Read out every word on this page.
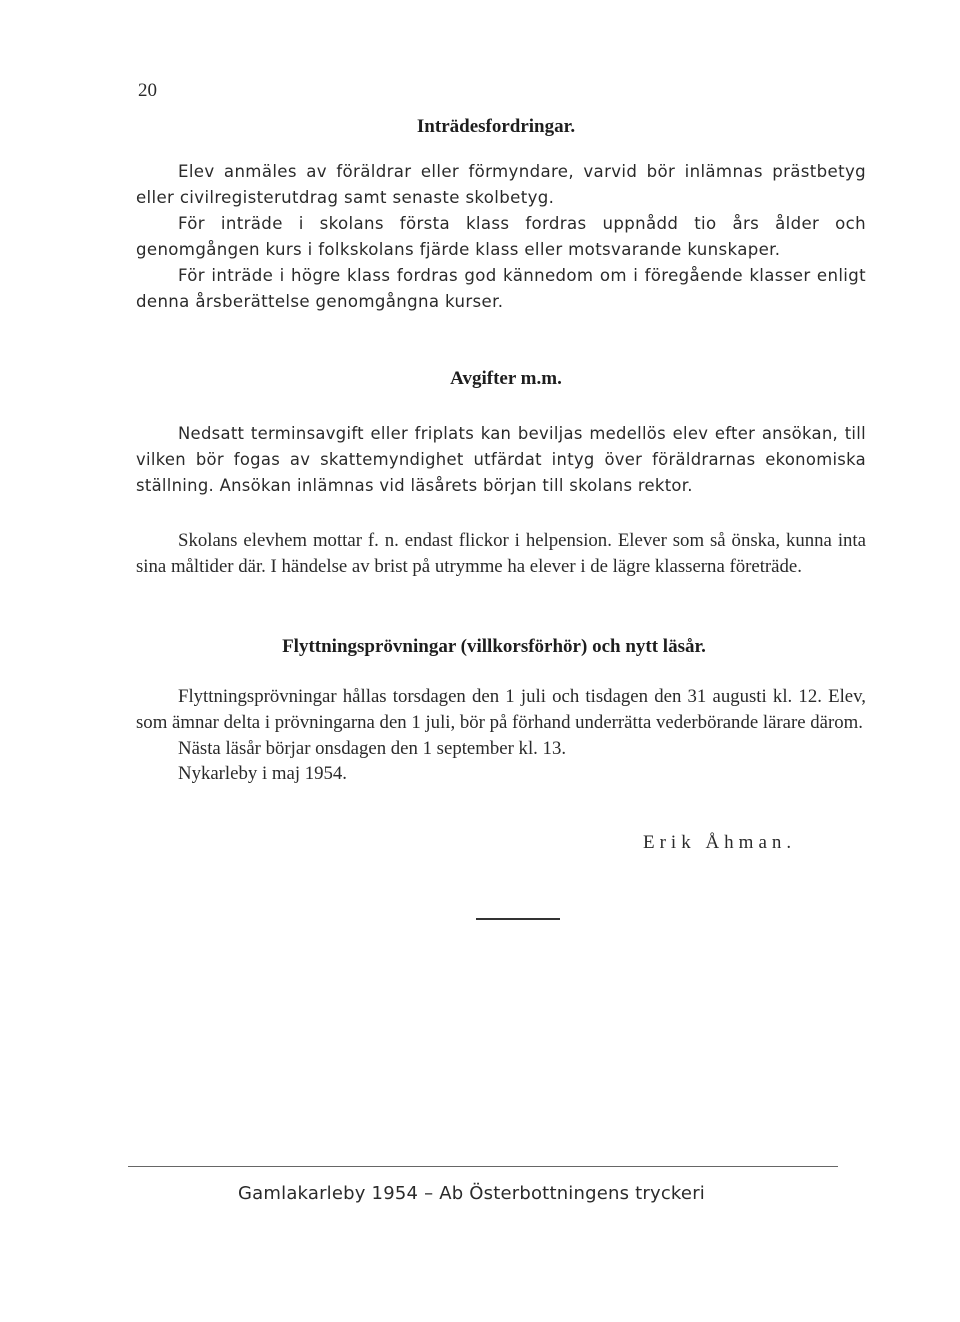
20
Inträdesfordringar.

Elev anmäles av föräldrar eller förmyndare, varvid bör inlämnas prästbetyg eller civilregisterutdrag samt senaste skolbetyg.

För inträde i skolans första klass fordras uppnådd tio års ålder och genomgången kurs i folkskolans fjärde klass eller motsvarande kunskaper.

För inträde i högre klass fordras god kännedom om i föregående klasser enligt denna årsberättelse genomgångna kurser.

Avgifter m.m.

Nedsatt terminsavgift eller friplats kan beviljas medellös elev efter ansökan, till vilken bör fogas av skattemyndighet utfärdat intyg över föräldrarnas ekonomiska ställning. Ansökan inlämnas vid läsårets början till skolans rektor.

Skolans elevhem mottar f. n. endast flickor i helpension. Elever som så önska, kunna inta sina måltider där. I händelse av brist på utrymme ha elever i de lägre klasserna företräde.

Flyttningsprövningar (villkorsförhör) och nytt läsår.

Flyttningsprövningar hållas torsdagen den 1 juli och tisdagen den 31 augusti kl. 12. Elev, som ämnar delta i prövningarna den 1 juli, bör på förhand underrätta vederbörande lärare därom.

Nästa läsår börjar onsdagen den 1 september kl. 13.

Nykarleby i maj 1954.

Erik Åhman.
Gamlakarleby 1954 – Ab Österbottningens tryckeri
